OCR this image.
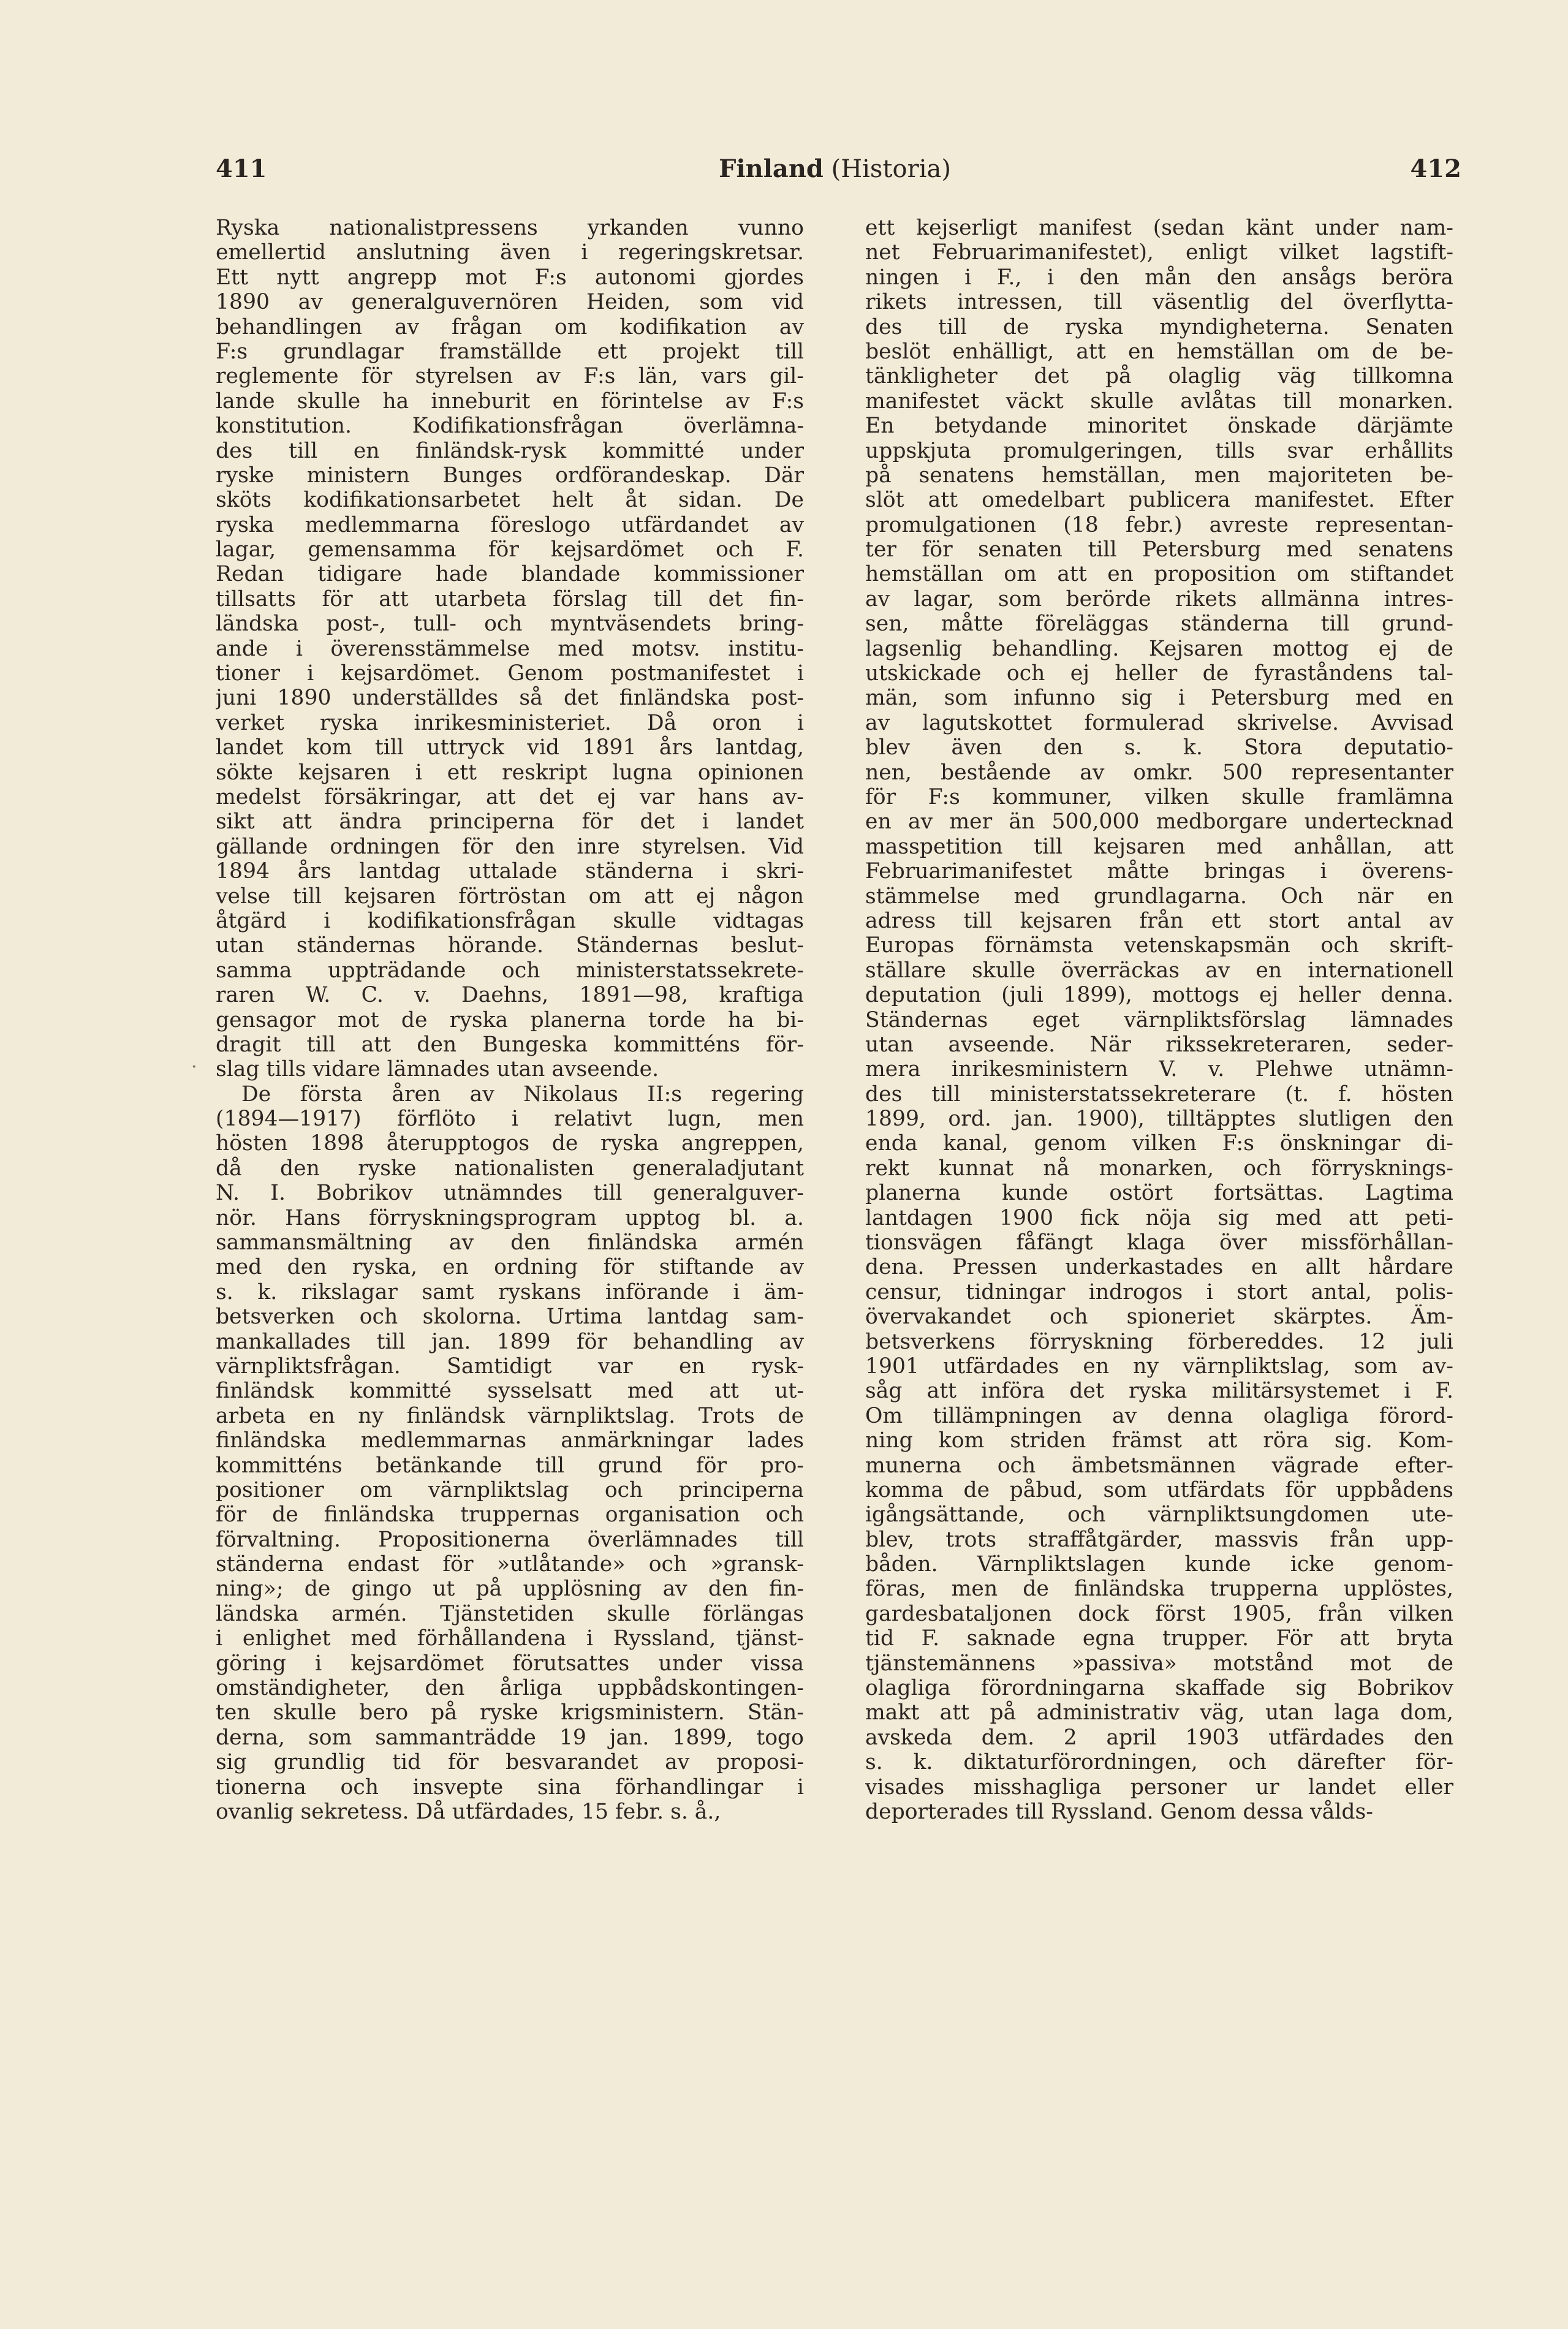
411	Finland (Historia)	412
·
Ryska nationalistpressens yrkanden vunno
emellertid anslutning även i regeringskretsar.
Ett nytt angrepp mot F:s autonomi gjordes
1890 av generalguvernören Heiden, som vid
behandlingen av frågan om kodifikation av
F:s grundlagar framställde ett projekt till
reglemente för styrelsen av F:s län, vars gil-
lande skulle ha inneburit en förintelse av F:s
konstitution. Kodifikationsfrågan överlämna-
des till en finländsk-rysk kommitté under
ryske ministern Bunges ordförandeskap. Där
sköts kodifikationsarbetet helt åt sidan. De
ryska medlemmarna föreslogo utfärdandet av
lagar, gemensamma för kejsardömet och F.
Redan tidigare hade blandade kommissioner
tillsatts för att utarbeta förslag till det fin-
ländska post-, tull- och myntväsendets bring-
ande i överensstämmelse med motsv. institu-
tioner i kejsardömet. Genom postmanifestet i
juni 1890 underställdes så det finländska post-
verket ryska inrikesministeriet. Då oron i
landet kom till uttryck vid 1891 års lantdag,
sökte kejsaren i ett reskript lugna opinionen
medelst försäkringar, att det ej var hans av-
sikt att ändra principerna för det i landet
gällande ordningen för den inre styrelsen. Vid
1894 års lantdag uttalade ständerna i skri-
velse till kejsaren förtröstan om att ej någon
åtgärd i kodifikationsfrågan skulle vidtagas
utan ständernas hörande. Ständernas beslut-
samma uppträdande och ministerstatssekrete-
raren W. C. v. Daehns, 1891—98, kraftiga
gensagor mot de ryska planerna torde ha bi-
dragit till att den Bungeska kommitténs för-
slag tills vidare lämnades utan avseende.
De första åren av Nikolaus II:s regering
(1894—1917) förflöto i relativt lugn, men
hösten 1898 återupptogos de ryska angreppen,
då den ryske nationalisten generaladjutant
N. I. Bobrikov utnämndes till generalguver-
nör. Hans förryskningsprogram upptog bl. a.
sammansmältning av den finländska armén
med den ryska, en ordning för stiftande av
s. k. rikslagar samt ryskans införande i äm-
betsverken och skolorna. Urtima lantdag sam-
mankallades till jan. 1899 för behandling av
värnpliktsfrågan. Samtidigt var en rysk-
finländsk kommitté sysselsatt med att ut-
arbeta en ny finländsk värnpliktslag. Trots de
finländska medlemmarnas anmärkningar lades
kommitténs betänkande till grund för pro-
positioner om värnpliktslag och principerna
för de finländska truppernas organisation och
förvaltning. Propositionerna överlämnades till
ständerna endast för »utlåtande» och »gransk-
ning»; de gingo ut på upplösning av den fin-
ländska armén. Tjänstetiden skulle förlängas
i enlighet med förhållandena i Ryssland, tjänst-
göring i kejsardömet förutsattes under vissa
omständigheter, den årliga uppbådskontingen-
ten skulle bero på ryske krigsministern. Stän-
derna, som sammanträdde 19 jan. 1899, togo
sig grundlig tid för besvarandet av proposi-
tionerna och insvepte sina förhandlingar i
ovanlig sekretess. Då utfärdades, 15 febr. s. å.,
ett kejserligt manifest (sedan känt under nam-
net Februarimanifestet), enligt vilket lagstift-
ningen i F., i den mån den ansågs beröra
rikets intressen, till väsentlig del överflytta-
des till de ryska myndigheterna. Senaten
beslöt enhälligt, att en hemställan om de be-
tänkligheter det på olaglig väg tillkomna
manifestet väckt skulle avlåtas till monarken.
En betydande minoritet önskade därjämte
uppskjuta promulgeringen, tills svar erhållits
på senatens hemställan, men majoriteten be-
slöt att omedelbart publicera manifestet. Efter
promulgationen (18 febr.) avreste representan-
ter för senaten till Petersburg med senatens
hemställan om att en proposition om stiftandet
av lagar, som berörde rikets allmänna intres-
sen, måtte föreläggas ständerna till grund-
lagsenlig behandling. Kejsaren mottog ej de
utskickade och ej heller de fyraståndens tal-
män, som infunno sig i Petersburg med en
av lagutskottet formulerad skrivelse. Avvisad
blev även den s. k. Stora deputatio-
nen, bestående av omkr. 500 representanter
för F:s kommuner, vilken skulle framlämna
en av mer än 500,000 medborgare undertecknad
masspetition till kejsaren med anhållan, att
Februarimanifestet måtte bringas i överens-
stämmelse med grundlagarna. Och när en
adress till kejsaren från ett stort antal av
Europas förnämsta vetenskapsmän och skrift-
ställare skulle överräckas av en internationell
deputation (juli 1899), mottogs ej heller denna.
Ständernas eget värnpliktsförslag lämnades
utan avseende. När rikssekreteraren, seder-
mera inrikesministern V. v. Plehwe utnämn-
des till ministerstatssekreterare (t. f. hösten
1899, ord. jan. 1900), tilltäpptes slutligen den
enda kanal, genom vilken F:s önskningar di-
rekt kunnat nå monarken, och förrysknings-
planerna kunde ostört fortsättas. Lagtima
lantdagen 1900 fick nöja sig med att peti-
tionsvägen fåfängt klaga över missförhållan-
dena. Pressen underkastades en allt hårdare
censur, tidningar indrogos i stort antal, polis-
övervakandet och spioneriet skärptes. Äm-
betsverkens förryskning förbereddes. 12 juli
1901 utfärdades en ny värnpliktslag, som av-
såg att införa det ryska militärsystemet i F.
Om tillämpningen av denna olagliga förord-
ning kom striden främst att röra sig. Kom-
munerna och ämbetsmännen vägrade efter-
komma de påbud, som utfärdats för uppbådens
igångsättande, och värnpliktsungdomen ute-
blev, trots straffåtgärder, massvis från upp-
båden. Värnpliktslagen kunde icke genom-
föras, men de finländska trupperna upplöstes,
gardesbataljonen dock först 1905, från vilken
tid F. saknade egna trupper. För att bryta
tjänstemännens »passiva» motstånd mot de
olagliga förordningarna skaffade sig Bobrikov
makt att på administrativ väg, utan laga dom,
avskeda dem. 2 april 1903 utfärdades den
s. k. diktaturförordningen, och därefter för-
visades misshagliga personer ur landet eller
deporterades till Ryssland. Genom dessa vålds-
